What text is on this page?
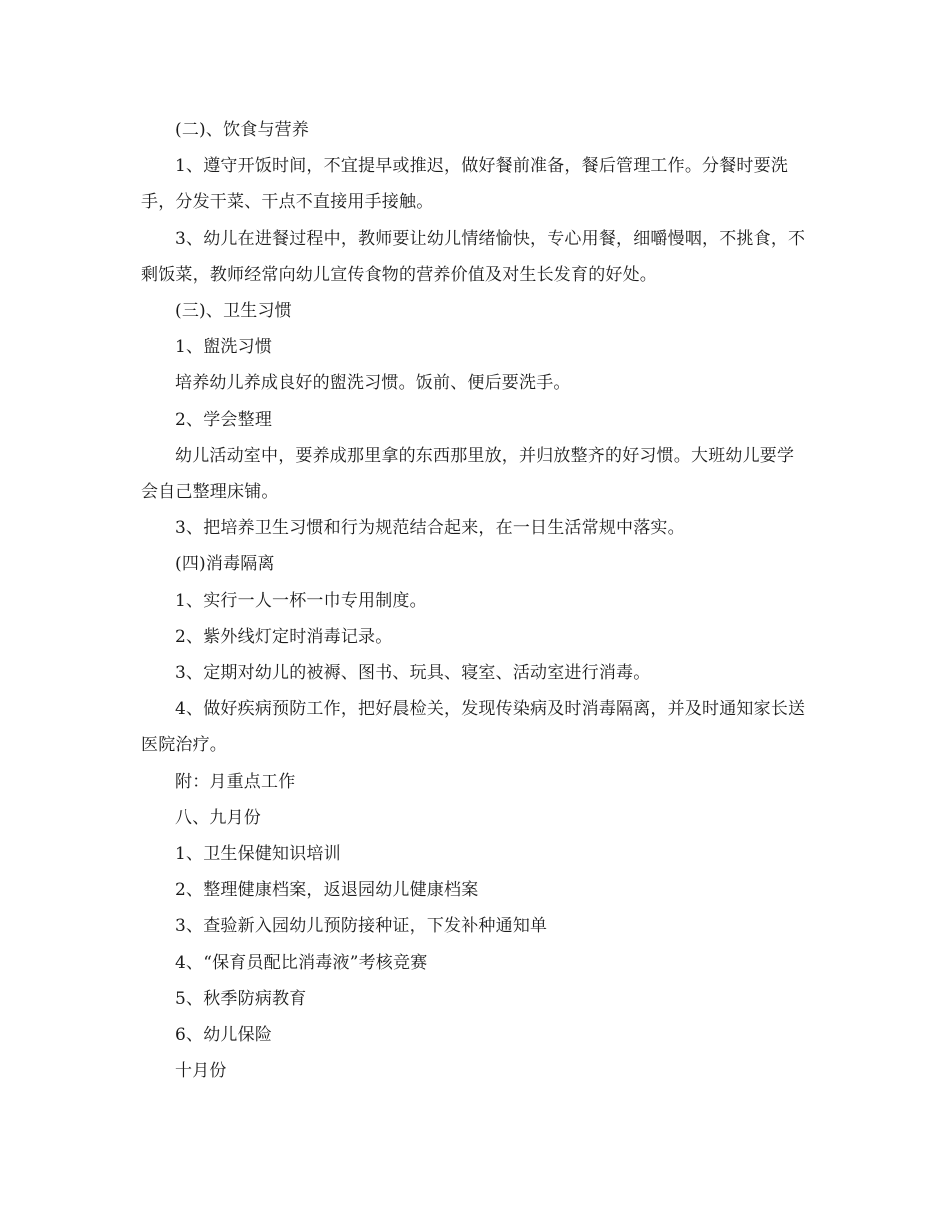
(二)、饮食与营养

1、遵守开饭时间，不宜提早或推迟，做好餐前准备，餐后管理工作。分餐时要洗手，分发干菜、干点不直接用手接触。

3、幼儿在进餐过程中，教师要让幼儿情绪愉快，专心用餐，细嚼慢咽，不挑食，不剩饭菜，教师经常向幼儿宣传食物的营养价值及对生长发育的好处。

(三)、卫生习惯

1、盥洗习惯

培养幼儿养成良好的盥洗习惯。饭前、便后要洗手。

2、学会整理

幼儿活动室中，要养成那里拿的东西那里放，并归放整齐的好习惯。大班幼儿要学会自己整理床铺。

3、把培养卫生习惯和行为规范结合起来，在一日生活常规中落实。

(四)消毒隔离

1、实行一人一杯一巾专用制度。

2、紫外线灯定时消毒记录。

3、定期对幼儿的被褥、图书、玩具、寝室、活动室进行消毒。

4、做好疾病预防工作，把好晨检关，发现传染病及时消毒隔离，并及时通知家长送医院治疗。

附：月重点工作

八、九月份

1、卫生保健知识培训

2、整理健康档案，返退园幼儿健康档案

3、查验新入园幼儿预防接种证，下发补种通知单

4、“保育员配比消毒液”考核竞赛

5、秋季防病教育

6、幼儿保险

十月份
